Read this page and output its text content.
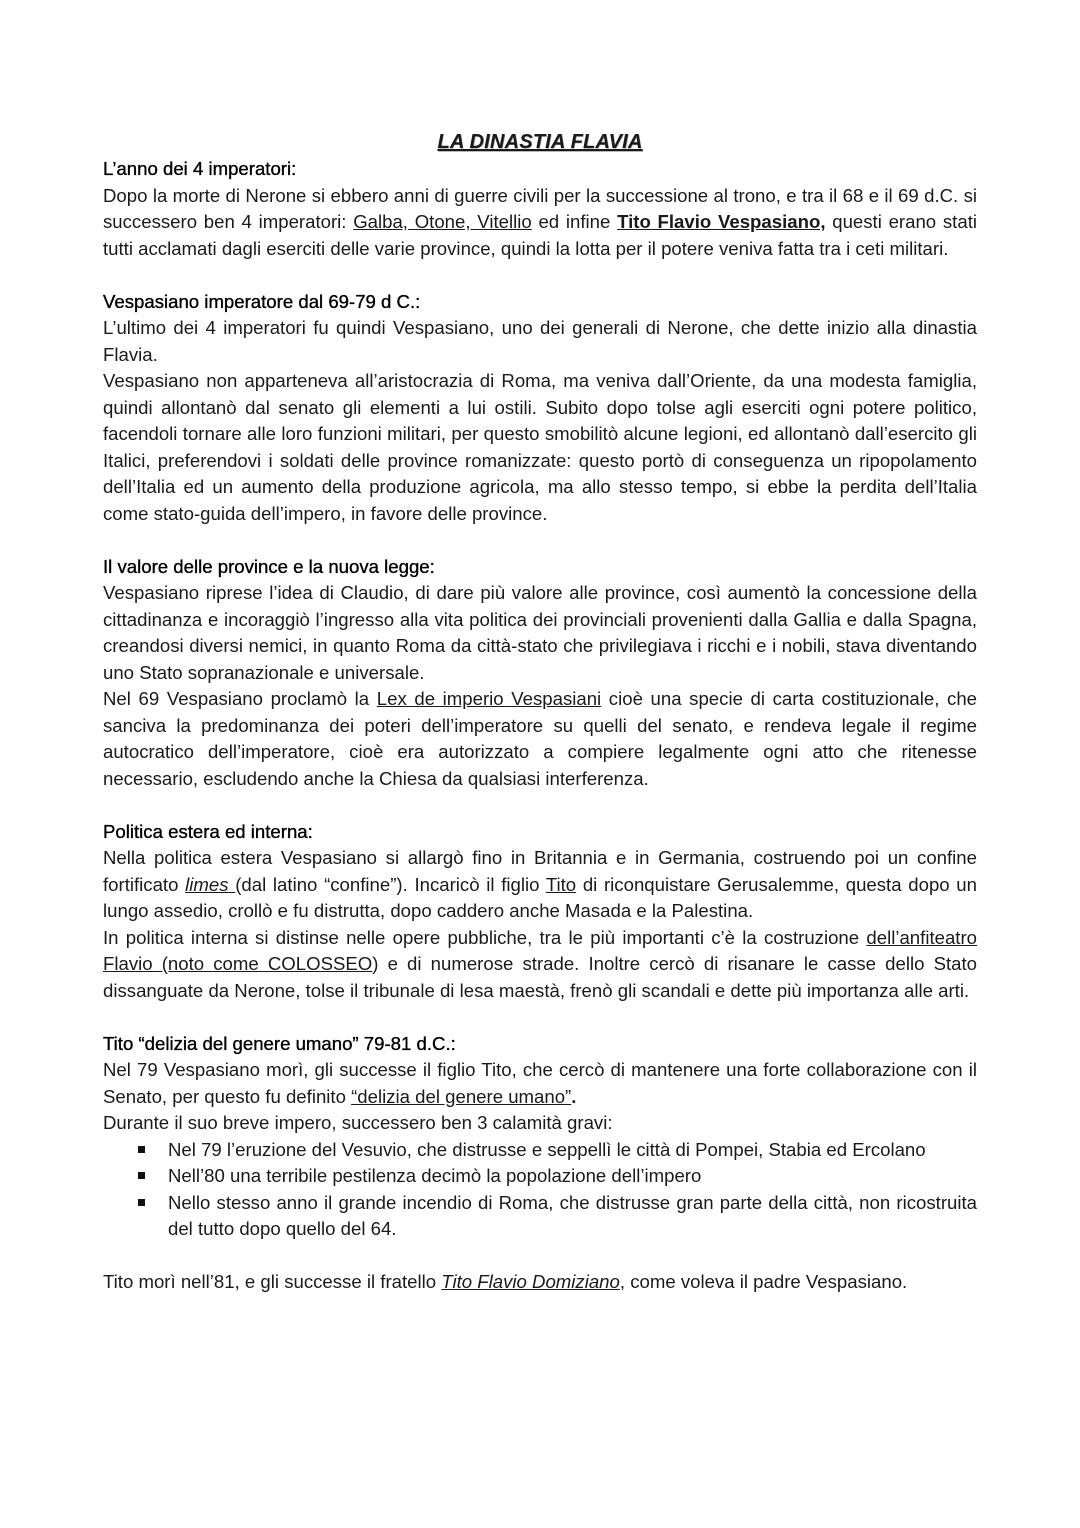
LA DINASTIA FLAVIA
L’anno dei 4 imperatori:

Dopo la morte di Nerone si ebbero anni di guerre civili per la successione al trono, e tra il 68 e il 69 d.C. si successero ben 4 imperatori: Galba, Otone, Vitellio ed infine Tito Flavio Vespasiano, questi erano stati tutti acclamati dagli eserciti delle varie province, quindi la lotta per il potere veniva fatta tra i ceti militari.

Vespasiano imperatore dal 69-79 d C.:

L’ultimo dei 4 imperatori fu quindi Vespasiano, uno dei generali di Nerone, che dette inizio alla dinastia Flavia.

Vespasiano non apparteneva all’aristocrazia di Roma, ma veniva dall’Oriente, da una modesta famiglia, quindi allontanò dal senato gli elementi a lui ostili. Subito dopo tolse agli eserciti ogni potere politico, facendoli tornare alle loro funzioni militari, per questo smobilitò alcune legioni, ed allontanò dall’esercito gli Italici, preferendovi i soldati delle province romanizzate: questo portò di conseguenza un ripopolamento dell’Italia ed un aumento della produzione agricola, ma allo stesso tempo, si ebbe la perdita dell’Italia come stato-guida dell’impero, in favore delle province.

Il valore delle province e la nuova legge:

Vespasiano riprese l’idea di Claudio, di dare più valore alle province, così aumentò la concessione della cittadinanza e incoraggiò l’ingresso alla vita politica dei provinciali provenienti dalla Gallia e dalla Spagna, creandosi diversi nemici, in quanto Roma da città-stato che privilegiava i ricchi e i nobili, stava diventando uno Stato sopranazionale e universale.

Nel 69 Vespasiano proclamò la Lex de imperio Vespasiani cioè una specie di carta costituzionale, che sanciva la predominanza dei poteri dell’imperatore su quelli del senato, e rendeva legale il regime autocratico dell’imperatore, cioè era autorizzato a compiere legalmente ogni atto che ritenesse necessario, escludendo anche la Chiesa da qualsiasi interferenza.

Politica estera ed interna:

Nella politica estera Vespasiano si allargò fino in Britannia e in Germania, costruendo poi un confine fortificato limes (dal latino “confine”). Incaricò il figlio Tito di riconquistare Gerusalemme, questa dopo un lungo assedio, crollò e fu distrutta, dopo caddero anche Masada e la Palestina.

In politica interna si distinse nelle opere pubbliche, tra le più importanti c’è la costruzione dell’anfiteatro Flavio (noto come COLOSSEO) e di numerose strade. Inoltre cercò di risanare le casse dello Stato dissanguate da Nerone, tolse il tribunale di lesa maestà, frenò gli scandali e dette più importanza alle arti.

Tito “delizia del genere umano” 79-81 d.C.:

Nel 79 Vespasiano morì, gli successe il figlio Tito, che cercò di mantenere una forte collaborazione con il Senato, per questo fu definito “delizia del genere umano”.

Durante il suo breve impero, successero ben 3 calamità gravi:

Nel 79 l’eruzione del Vesuvio, che distrusse e seppellì le città di Pompei, Stabia ed Ercolano
Nell’80 una terribile pestilenza decimò la popolazione dell’impero
Nello stesso anno il grande incendio di Roma, che distrusse gran parte della città, non ricostruita del tutto dopo quello del 64.

Tito morì nell’81, e gli successe il fratello Tito Flavio Domiziano, come voleva il padre Vespasiano.
